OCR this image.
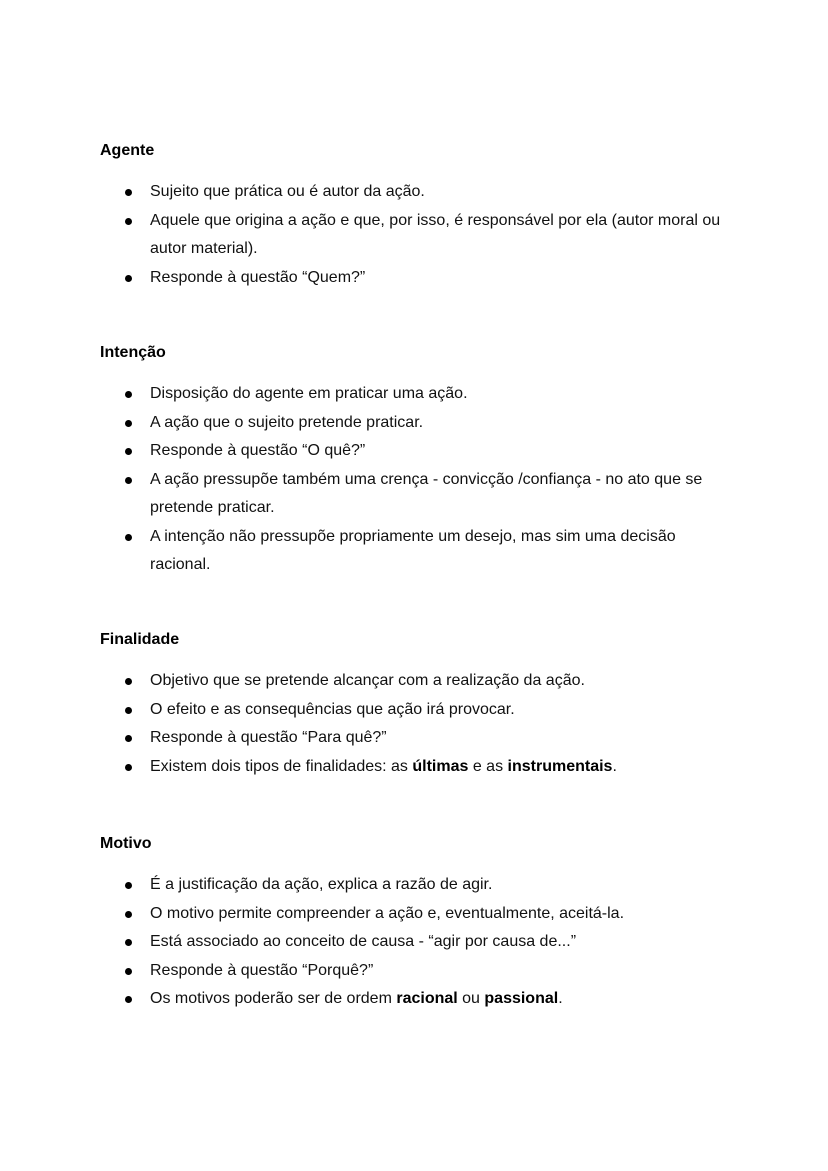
Agente
Sujeito que prática ou é autor da ação.
Aquele que origina a ação e que, por isso, é responsável por ela (autor moral ou autor material).
Responde à questão “Quem?”
Intenção
Disposição do agente em praticar uma ação.
A ação que o sujeito pretende praticar.
Responde à questão “O quê?”
A ação pressupõe também uma crença - convicção /confiança - no ato que se pretende praticar.
A intenção não pressupõe propriamente um desejo, mas sim uma decisão racional.
Finalidade
Objetivo que se pretende alcançar com a realização da ação.
O efeito e as consequências que ação irá provocar.
Responde à questão “Para quê?”
Existem dois tipos de finalidades: as últimas e as instrumentais.
Motivo
É a justificação da ação, explica a razão de agir.
O motivo permite compreender a ação e, eventualmente, aceitá-la.
Está associado ao conceito de causa - “agir por causa de...”
Responde à questão “Porquê?”
Os motivos poderão ser de ordem racional ou passional.
